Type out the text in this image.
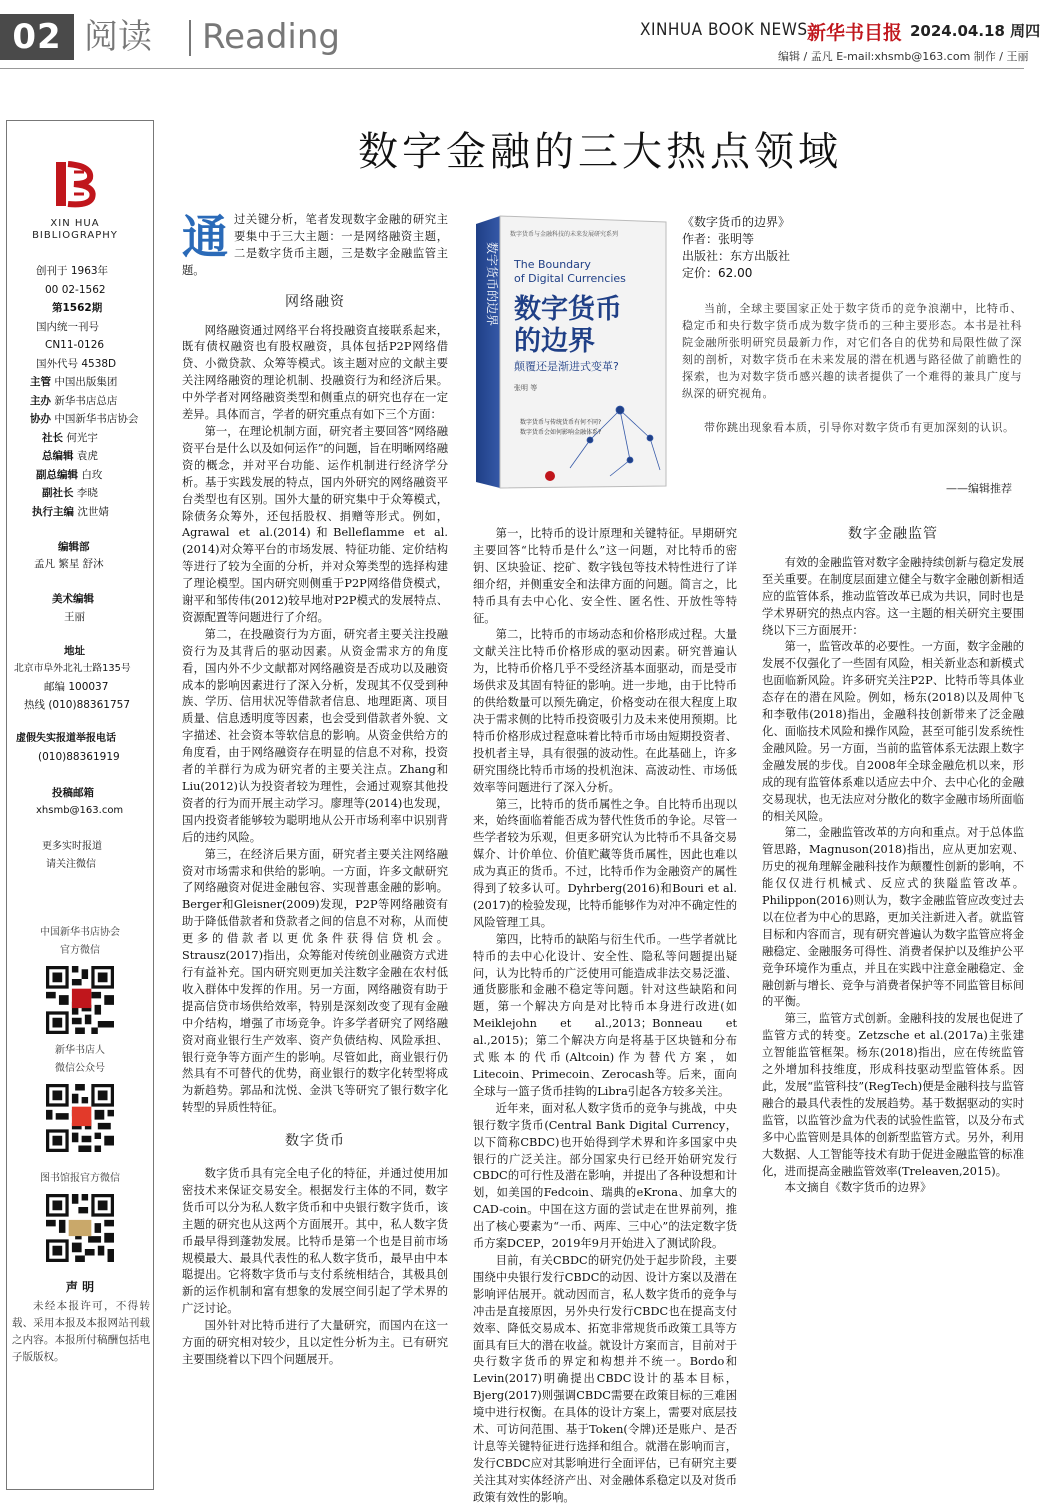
02 阅读 Reading	XINHUA BOOK NEWS 新华书目报 2024.04.18 周四
编辑 / 孟凡 E-mail:xhsmb@163.com 制作 / 王丽
XIN HUA
BIBLIOGRAPHY
创刊于 1963年
00 02-1562
第1562期
国内统一刊号
CN11-0126
国外代号 4538D
主管 中国出版集团
主办 新华书店总店
协办 中国新华书店协会
社长 何光宇
总编辑 袁虎
副总编辑 白玫
副社长 李晓
执行主编 沈世婧
编辑部
孟凡 繁星 舒沐
美术编辑
王丽
地址
北京市阜外北礼士路135号
邮编 100037
热线 (010)88361757
虚假失实报道举报电话
(010)88361919
投稿邮箱
xhsmb@163.com
更多实时报道
请关注微信
中国新华书店协会
官方微信
新华书店人
微信公众号
图书馆报官方微信
声 明
未经本报许可，不得转载、采用本报及本报网站刊载之内容。本报所付稿酬包括电子版版权。
数字金融的三大热点领域
数字货币的边界
数字货币与金融科技的未来发展研究系列
The Boundary
of Digital Currencies
数字货币
的边界
颠覆还是渐进式变革?
张明 等
数字货币与传统货币有何不同?
数字货币会如何影响金融体系?
《数字货币的边界》
作者：张明等
出版社：东方出版社
定价：62.00

当前，全球主要国家正处于数字货币的竞争浪潮中，比特币、稳定币和央行数字货币成为数字货币的三种主要形态。本书是社科院金融所张明研究员最新力作，对它们各自的优势和局限性做了深刻的剖析，对数字货币在未来发展的潜在机遇与路径做了前瞻性的探索，也为对数字货币感兴趣的读者提供了一个难得的兼具广度与纵深的研究视角。

带你跳出现象看本质，引导你对数字货币有更加深刻的认识。

——编辑推荐
通 过关键分析，笔者发现数字金融的研究主要集中于三大主题：一是网络融资主题，二是数字货币主题，三是数字金融监管主题。
网络融资

网络融资通过网络平台将投融资直接联系起来，既有债权融资也有股权融资，具体包括P2P网络借贷、小微贷款、众筹等模式。该主题对应的文献主要关注网络融资的理论机制、投融资行为和经济后果。中外学者对网络融资类型和侧重点的研究也存在一定差异。具体而言，学者的研究重点有如下三个方面：

第一，在理论机制方面，研究者主要回答“网络融资平台是什么以及如何运作”的问题，旨在明晰网络融资的概念，并对平台功能、运作机制进行经济学分析。基于实践发展的特点，国内外研究的网络融资平台类型也有区别。国外大量的研究集中于众筹模式，除债务众筹外，还包括股权、捐赠等形式。例如，Agrawal et al.(2014)和Belleflamme et al.(2014)对众筹平台的市场发展、特征功能、定价结构等进行了较为全面的分析，并对众筹类型的选择构建了理论模型。国内研究则侧重于P2P网络借贷模式，谢平和邹传伟(2012)较早地对P2P模式的发展特点、资源配置等问题进行了介绍。

第二，在投融资行为方面，研究者主要关注投融资行为及其背后的驱动因素。从资金需求方的角度看，国内外不少文献都对网络融资是否成功以及融资成本的影响因素进行了深入分析，发现其不仅受到种族、学历、信用状况等借款者信息、地理距离、项目质量、信息透明度等因素，也会受到借款者外貌、文字描述、社会资本等软信息的影响。从资金供给方的角度看，由于网络融资存在明显的信息不对称，投资者的羊群行为成为研究者的主要关注点。Zhang和Liu(2012)认为投资者较为理性，会通过观察其他投资者的行为而开展主动学习。廖理等(2014)也发现，国内投资者能够较为聪明地从公开市场利率中识别背后的违约风险。

第三，在经济后果方面，研究者主要关注网络融资对市场需求和供给的影响。一方面，许多文献研究了网络融资对促进金融包容、实现普惠金融的影响。Berger和Gleisner(2009)发现，P2P等网络融资有助于降低借款者和贷款者之间的信息不对称，从而使更多的借款者以更优条件获得信贷机会。Strausz(2017)指出，众筹能对传统创业融资方式进行有益补充。国内研究则更加关注数字金融在农村低收入群体中发挥的作用。另一方面，网络融资有助于提高信贷市场供给效率，特别是深刻改变了现有金融中介结构，增强了市场竞争。许多学者研究了网络融资对商业银行生产效率、资产负债结构、风险承担、银行竞争等方面产生的影响。尽管如此，商业银行仍然具有不可替代的优势，商业银行的数字化转型将成为新趋势。郭品和沈悦、金洪飞等研究了银行数字化转型的异质性特征。

数字货币

数字货币具有完全电子化的特征，并通过使用加密技术来保证交易安全。根据发行主体的不同，数字货币可以分为私人数字货币和中央银行数字货币，该主题的研究也从这两个方面展开。其中，私人数字货币最早得到蓬勃发展。比特币是第一个也是目前市场规模最大、最具代表性的私人数字货币，最早由中本聪提出。它将数字货币与支付系统相结合，其极具创新的运作机制和富有想象的发展空间引起了学术界的广泛讨论。

国外针对比特币进行了大量研究，而国内在这一方面的研究相对较少，且以定性分析为主。已有研究主要围绕着以下四个问题展开。

第一，比特币的设计原理和关键特征。早期研究主要回答“比特币是什么”这一问题，对比特币的密钥、区块验证、挖矿、数字钱包等技术特性进行了详细介绍，并侧重安全和法律方面的问题。简言之，比特币具有去中心化、安全性、匿名性、开放性等特征。

第二，比特币的市场动态和价格形成过程。大量文献关注比特币价格形成的驱动因素。研究普遍认为，比特币价格几乎不受经济基本面驱动，而是受市场供求及其固有特征的影响。进一步地，由于比特币的供给数量可以预先确定，价格变动在很大程度上取决于需求侧的比特币投资吸引力及未来使用预期。比特币价格形成过程意味着比特币市场由短期投资者、投机者主导，具有很强的波动性。在此基础上，许多研究围绕比特币市场的投机泡沫、高波动性、市场低效率等问题进行了深入分析。

第三，比特币的货币属性之争。自比特币出现以来，始终面临着能否成为替代性货币的争论。尽管一些学者较为乐观，但更多研究认为比特币不具备交易媒介、计价单位、价值贮藏等货币属性，因此也难以成为真正的货币。不过，比特币作为金融资产的属性得到了较多认可。Dyhrberg(2016)和Bouri et al.(2017)的检验发现，比特币能够作为对冲不确定性的风险管理工具。

第四，比特币的缺陷与衍生代币。一些学者就比特币的去中心化设计、安全性、隐私等问题提出疑问，认为比特币的广泛使用可能造成非法交易泛滥、通货膨胀和金融不稳定等问题。针对这些缺陷和问题，第一个解决方向是对比特币本身进行改进(如Meiklejohn et al.,2013；Bonneau et al.,2015)；第二个解决方向是将基于区块链和分布式账本的代币(Altcoin)作为替代方案，如Litecoin、Primecoin、Zerocash等。后来，面向全球与一篮子货币挂钩的Libra引起各方较多关注。

近年来，面对私人数字货币的竞争与挑战，中央银行数字货币(Central Bank Digital Currency，以下简称CBDC)也开始得到学术界和许多国家中央银行的广泛关注。部分国家央行已经开始研究发行CBDC的可行性及潜在影响，并提出了各种设想和计划，如美国的Fedcoin、瑞典的eKrona、加拿大的CAD-coin。中国在这方面的尝试走在世界前列，推出了核心要素为“一币、两库、三中心”的法定数字货币方案DCEP，2019年9月开始进入了测试阶段。

目前，有关CBDC的研究仍处于起步阶段，主要围绕中央银行发行CBDC的动因、设计方案以及潜在影响评估展开。就动因而言，私人数字货币的竞争与冲击是直接原因，另外央行发行CBDC也在提高支付效率、降低交易成本、拓宽非常规货币政策工具等方面具有巨大的潜在收益。就设计方案而言，目前对于央行数字货币的界定和构想并不统一。Bordo和Levin(2017)明确提出CBDC设计的基本目标，Bjerg(2017)则强调CBDC需要在政策目标的三难困境中进行权衡。在具体的设计方案上，需要对底层技术、可访问范围、基于Token(令牌)还是账户、是否计息等关键特征进行选择和组合。就潜在影响而言，发行CBDC应对其影响进行全面评估，已有研究主要关注其对实体经济产出、对金融体系稳定以及对货币政策有效性的影响。

数字金融监管

有效的金融监管对数字金融持续创新与稳定发展至关重要。在制度层面建立健全与数字金融创新相适应的监管体系，推动监管改革已成为共识，同时也是学术界研究的热点内容。这一主题的相关研究主要围绕以下三方面展开：

第一，监管改革的必要性。一方面，数字金融的发展不仅强化了一些固有风险，相关新业态和新模式也面临新风险。许多研究关注P2P、比特币等具体业态存在的潜在风险。例如，杨东(2018)以及周仲飞和李敬伟(2018)指出，金融科技创新带来了泛金融化、面临技术风险和操作风险，甚至可能引发系统性金融风险。另一方面，当前的监管体系无法跟上数字金融发展的步伐。自2008年全球金融危机以来，形成的现有监管体系难以适应去中介、去中心化的金融交易现状，也无法应对分散化的数字金融市场所面临的相关风险。

第二，金融监管改革的方向和重点。对于总体监管思路，Magnuson(2018)指出，应从更加宏观、历史的视角理解金融科技作为颠覆性创新的影响，不能仅仅进行机械式、反应式的狭隘监管改革。Philippon(2016)则认为，数字金融监管应改变过去以在位者为中心的思路，更加关注新进入者。就监管目标和内容而言，现有研究普遍认为数字监管应将金融稳定、金融服务可得性、消费者保护以及维护公平竞争环境作为重点，并且在实践中注意金融稳定、金融创新与增长、竞争与消费者保护等不同监管目标间的平衡。

第三，监管方式创新。金融科技的发展也促进了监管方式的转变。Zetzsche et al.(2017a)主张建立智能监管框架。杨东(2018)指出，应在传统监管之外增加科技维度，形成科技驱动型监管体系。因此，发展“监管科技”(RegTech)便是金融科技与监管融合的最具代表性的发展趋势。基于数据驱动的实时监管，以监管沙盒为代表的试验性监管，以及分布式多中心监管则是具体的创新型监管方式。另外，利用大数据、人工智能等技术有助于促进金融监管的标准化，进而提高金融监管效率(Treleaven,2015)。

本文摘自《数字货币的边界》
